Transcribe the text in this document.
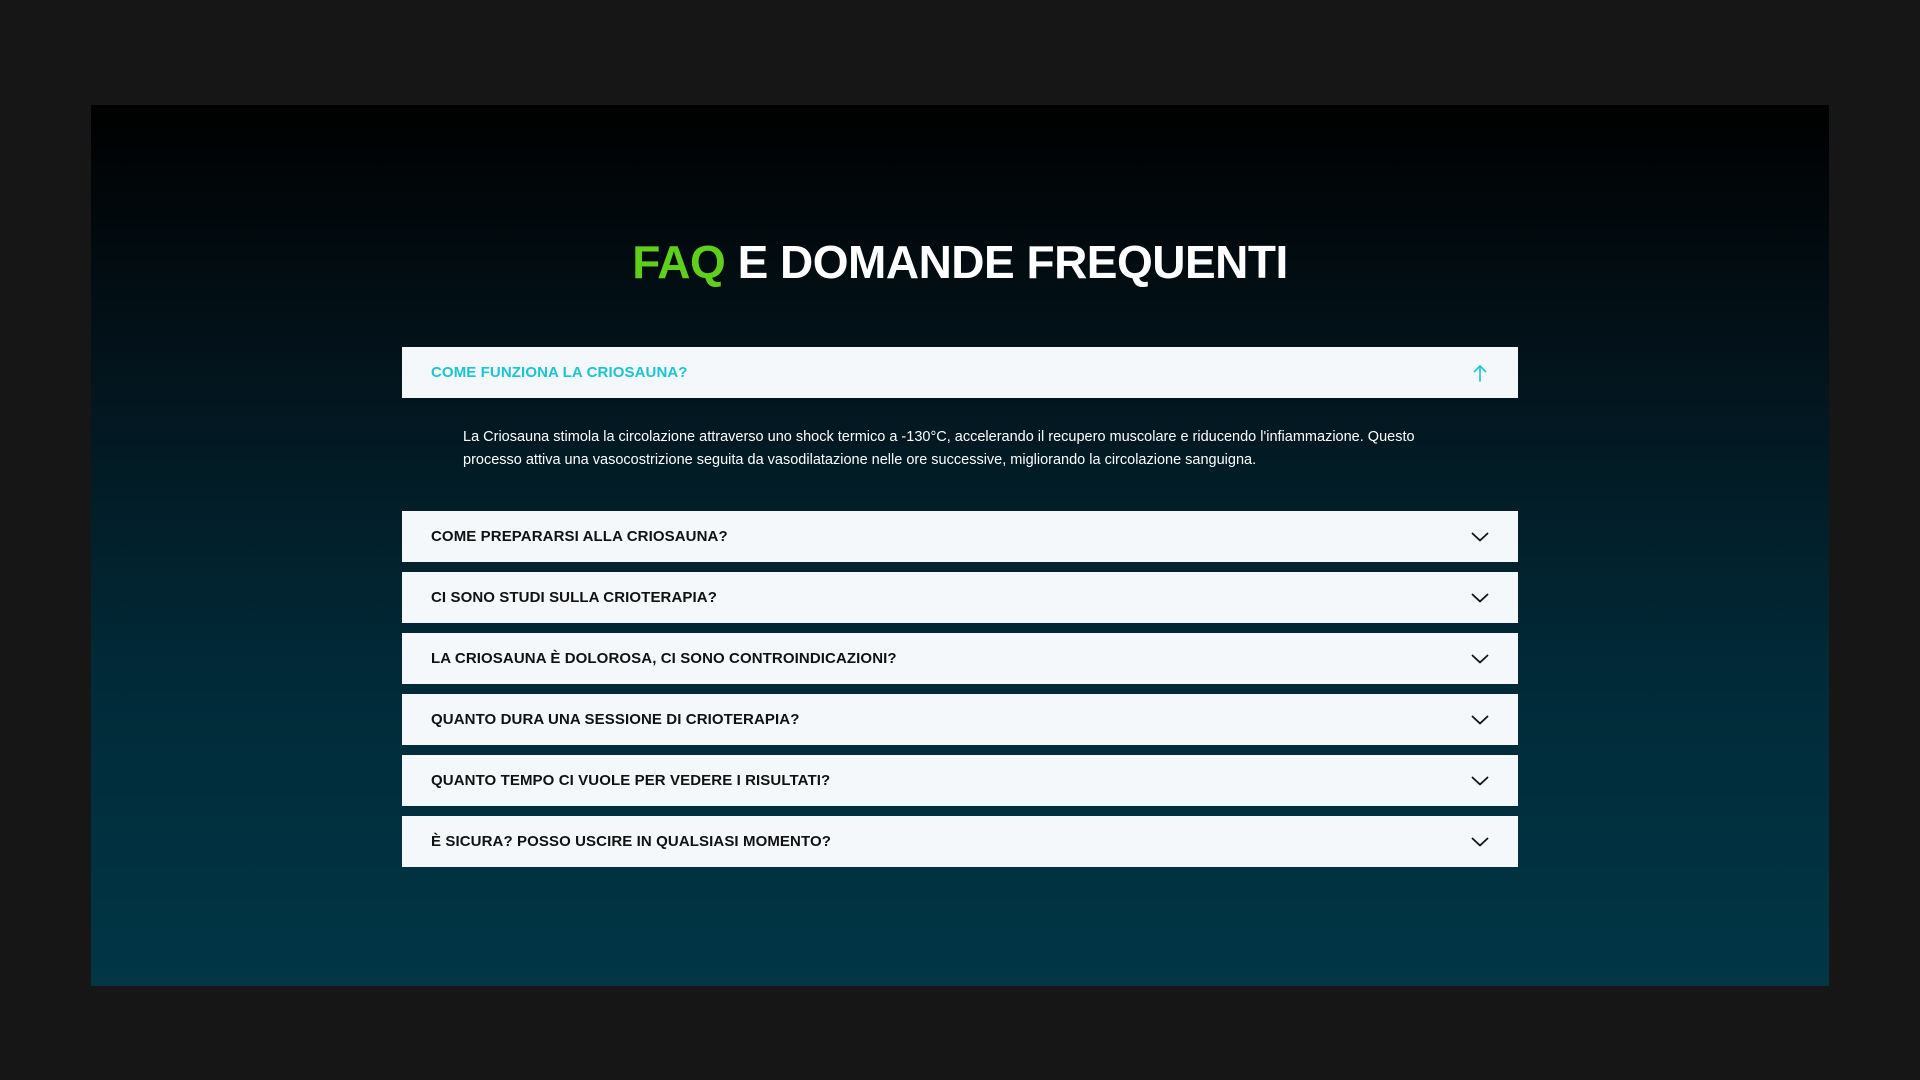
FAQ E DOMANDE FREQUENTI
COME FUNZIONA LA CRIOSAUNA?
La Criosauna stimola la circolazione attraverso uno shock termico a -130°C, accelerando il recupero muscolare e riducendo l'infiammazione. Questo processo attiva una vasocostrizione seguita da vasodilatazione nelle ore successive, migliorando la circolazione sanguigna.
COME PREPARARSI ALLA CRIOSAUNA?
CI SONO STUDI SULLA CRIOTERAPIA?
LA CRIOSAUNA È DOLOROSA, CI SONO CONTROINDICAZIONI?
QUANTO DURA UNA SESSIONE DI CRIOTERAPIA?
QUANTO TEMPO CI VUOLE PER VEDERE I RISULTATI?
È SICURA? POSSO USCIRE IN QUALSIASI MOMENTO?
